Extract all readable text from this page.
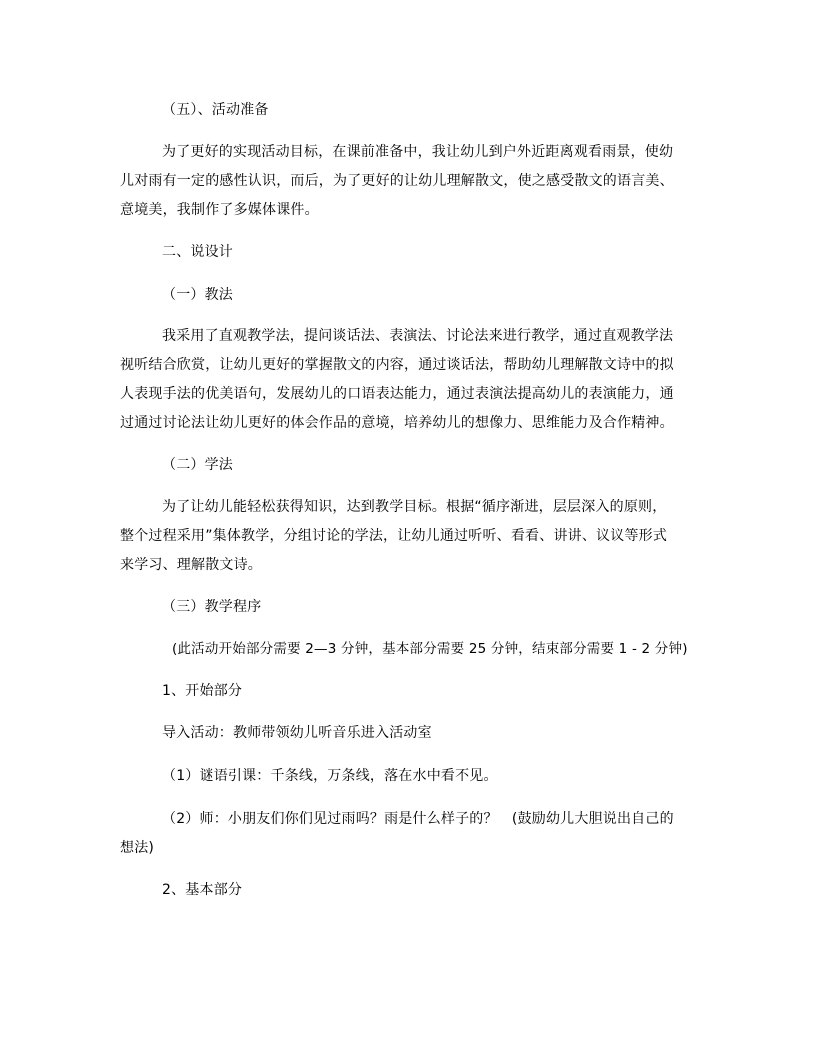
（五）、活动准备
为了更好的实现活动目标，在课前准备中，我让幼儿到户外近距离观看雨景，使幼
儿对雨有一定的感性认识，而后，为了更好的让幼儿理解散文，使之感受散文的语言美、
意境美，我制作了多媒体课件。
二、说设计
（一）教法
我采用了直观教学法，提问谈话法、表演法、讨论法来进行教学，通过直观教学法
视听结合欣赏，让幼儿更好的掌握散文的内容，通过谈话法，帮助幼儿理解散文诗中的拟
人表现手法的优美语句，发展幼儿的口语表达能力，通过表演法提高幼儿的表演能力，通
过通过讨论法让幼儿更好的体会作品的意境，培养幼儿的想像力、思维能力及合作精神。
（二）学法
为了让幼儿能轻松获得知识，达到教学目标。根据“循序渐进，层层深入的原则，
整个过程采用”集体教学，分组讨论的学法，让幼儿通过听听、看看、讲讲、议议等形式
来学习、理解散文诗。
（三）教学程序
(此活动开始部分需要 2—3 分钟，基本部分需要 25 分钟，结束部分需要 1 - 2 分钟)
1、开始部分
导入活动：教师带领幼儿听音乐进入活动室
（1）谜语引课：千条线，万条线，落在水中看不见。
（2）师：小朋友们你们见过雨吗？雨是什么样子的？　(鼓励幼儿大胆说出自己的
想法)
2、基本部分
